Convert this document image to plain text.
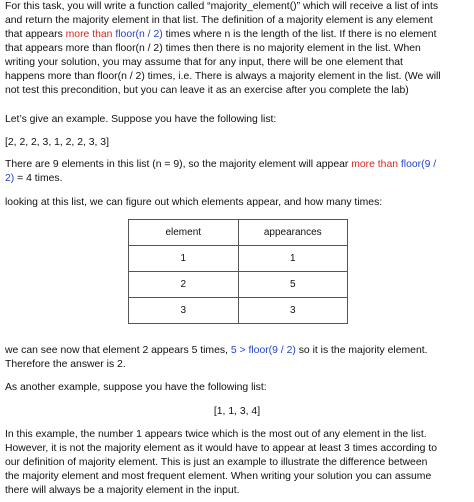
For this task, you will write a function called “majority_element()” which will receive a list of ints
and return the majority element in that list. The definition of a majority element is any element
that appears more than floor(n / 2) times where n is the length of the list. If there is no element
that appears more than floor(n / 2) times then there is no majority element in the list. When
writing your solution, you may assume that for any input, there will be one element that
happens more than floor(n / 2) times, i.e. There is always a majority element in the list. (We will
not test this precondition, but you can leave it as an exercise after you complete the lab)
Let’s give an example. Suppose you have the following list:
[2, 2, 2, 3, 1, 2, 2, 3, 3]
There are 9 elements in this list (n = 9), so the majority element will appear more than floor(9 /
2) = 4 times.
looking at this list, we can figure out which elements appear, and how many times:
element	appearances
1	1
2	5
3	3
we can see now that element 2 appears 5 times, 5 > floor(9 / 2) so it is the majority element.
Therefore the answer is 2.
As another example, suppose you have the following list:
[1, 1, 3, 4]
In this example, the number 1 appears twice which is the most out of any element in the list.
However, it is not the majority element as it would have to appear at least 3 times according to
our definition of majority element. This is just an example to illustrate the difference between
the majority element and most frequent element. When writing your solution you can assume
there will always be a majority element in the input.
